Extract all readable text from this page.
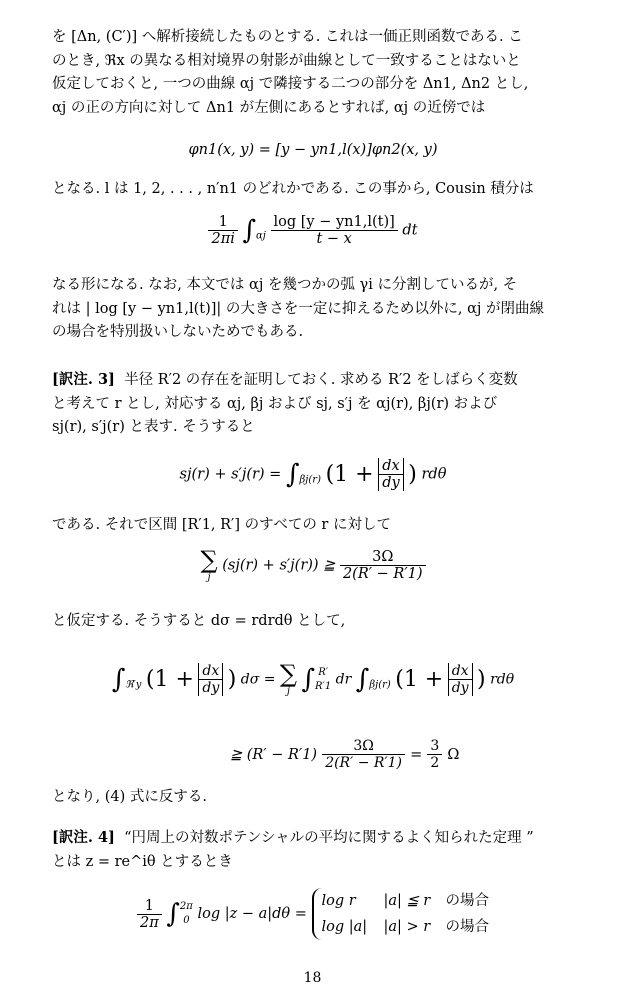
を [Δn, (C′)] へ解析接続したものとする. これは一価正則函数である. こ

のとき, ℜx の異なる相対境界の射影が曲線として一致することはないと

仮定しておくと, 一つの曲線 αj で隣接する二つの部分を Δn1, Δn2 とし,

αj の正の方向に対して Δn1 が左側にあるとすれば, αj の近傍では

φn1(x, y) = [y − yn1,l(x)]φn2(x, y)

となる. l は 1, 2, . . . , n′n1 のどれかである. この事から, Cousin 積分は

$\frac{1}{2\pi i} \int_{\alpha j} \frac{\log [y - yn1,l(t)]}{t - x}$ dt

なる形になる. なお, 本文では αj を幾つかの弧 γi に分割しているが, そ

れは | log [y − yn1,l(t)]| の大きさを一定に抑えるため以外に, αj が閉曲線

の場合を特別扱いしないためでもある.

[訳注. 3] 半径 R′2 の存在を証明しておく. 求める R′2 をしばらく変数

と考えて r とし, 対応する αj, βj および sj, s′j を αj(r), βj(r) および

sj(r), s′j(r) と表す. そうすると

$sj(r) + s'j(r) = \int_{\beta j(r)}$ ($1 + \frac{dx}{dy}$ ) rdθ

である. それで区間 [R′1, R′] のすべての r に対して

∑
j
(sj(r) + s′j(r)) ≧ $\frac{3\Omega}{2(R' - R'1)}$

と仮定する. そうすると dσ = rdrdθ として,

$\int_{ℜ'y}$ ($1 + \frac{dx}{dy}$ ) dσ = ∑
j ∫ R′
R′1 dr $\int_{\beta j(r)}$ ($1 + \frac{dx}{dy}$ ) rdθ
≧ $(R' - R'1) \frac{3\Omega}{2(R' - R'1)} = \frac{3}{2}$ Ω

となり, (4) 式に反する.

[訳注. 4] “円周上の対数ポテンシャルの平均に関するよく知られた定理 ”

とは z = re^iθ とするとき

$\frac{1}{2\pi}$ ∫ 2π
0 log |z − a|dθ =
log r |a| ≦ r の場合
log |a| |a| > r の場合
18
